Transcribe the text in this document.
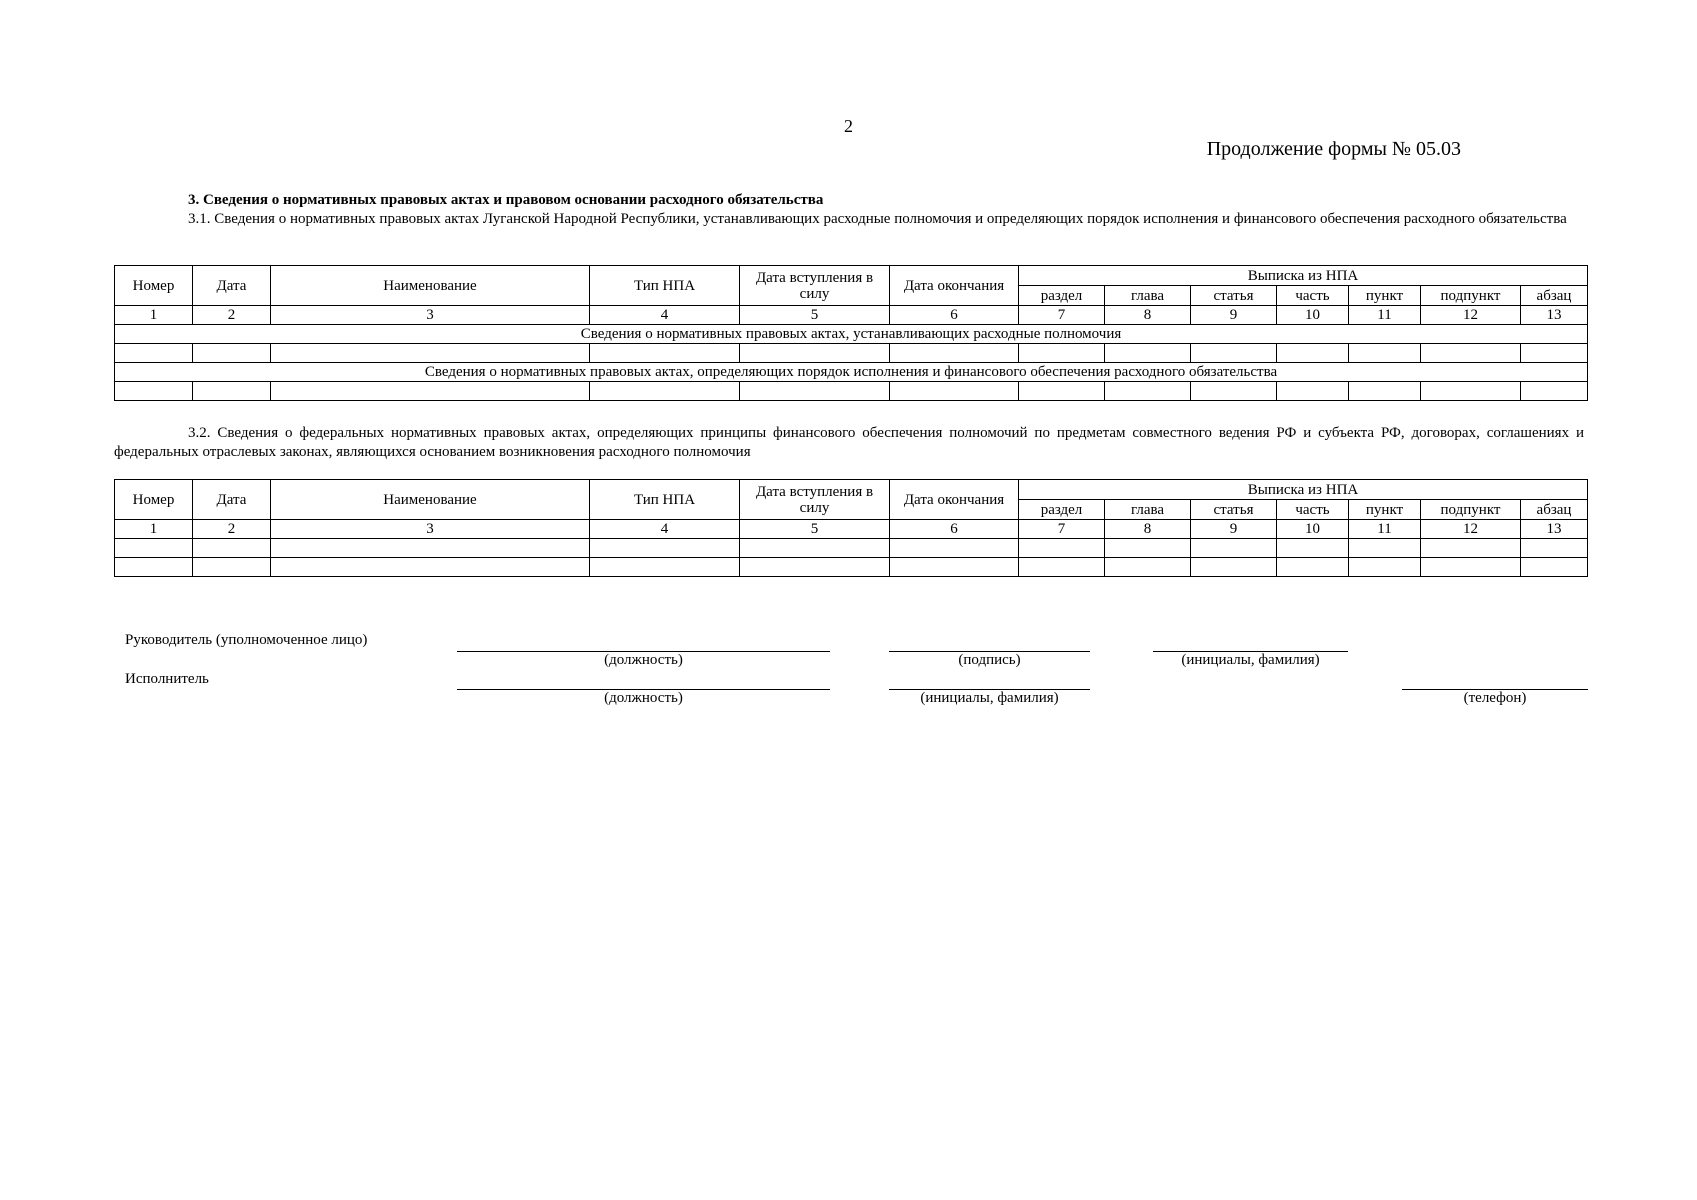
2
Продолжение формы № 05.03
3. Сведения о нормативных правовых актах и правовом основании расходного обязательства
3.1. Сведения о нормативных правовых актах Луганской Народной Республики, устанавливающих расходные полномочия и определяющих порядок исполнения и финансового обеспечения расходного обязательства
Номер	Дата	Наименование	Тип НПА	Дата вступления в силу	Дата окончания	Выписка из НПА						
						раздел	глава	статья	часть	пункт	подпункт	абзац
1	2	3	4	5	6	7	8	9	10	11	12	13
Сведения о нормативных правовых актах, устанавливающих расходные полномочия												

Сведения о нормативных правовых актах, определяющих порядок исполнения и финансового обеспечения расходного обязательства												

3.2. Сведения о федеральных нормативных правовых актах, определяющих принципы финансового обеспечения полномочий по предметам совместного ведения РФ и субъекта РФ, договорах, соглашениях и федеральных отраслевых законах, являющихся основанием возникновения расходного полномочия
Номер	Дата	Наименование	Тип НПА	Дата вступления в силу	Дата окончания	Выписка из НПА						
						раздел	глава	статья	часть	пункт	подпункт	абзац
1	2	3	4	5	6	7	8	9	10	11	12	13

Руководитель (уполномоченное лицо)
(должность)	(подпись)	(инициалы, фамилия)
Исполнитель
(должность)	(инициалы, фамилия)	(телефон)
